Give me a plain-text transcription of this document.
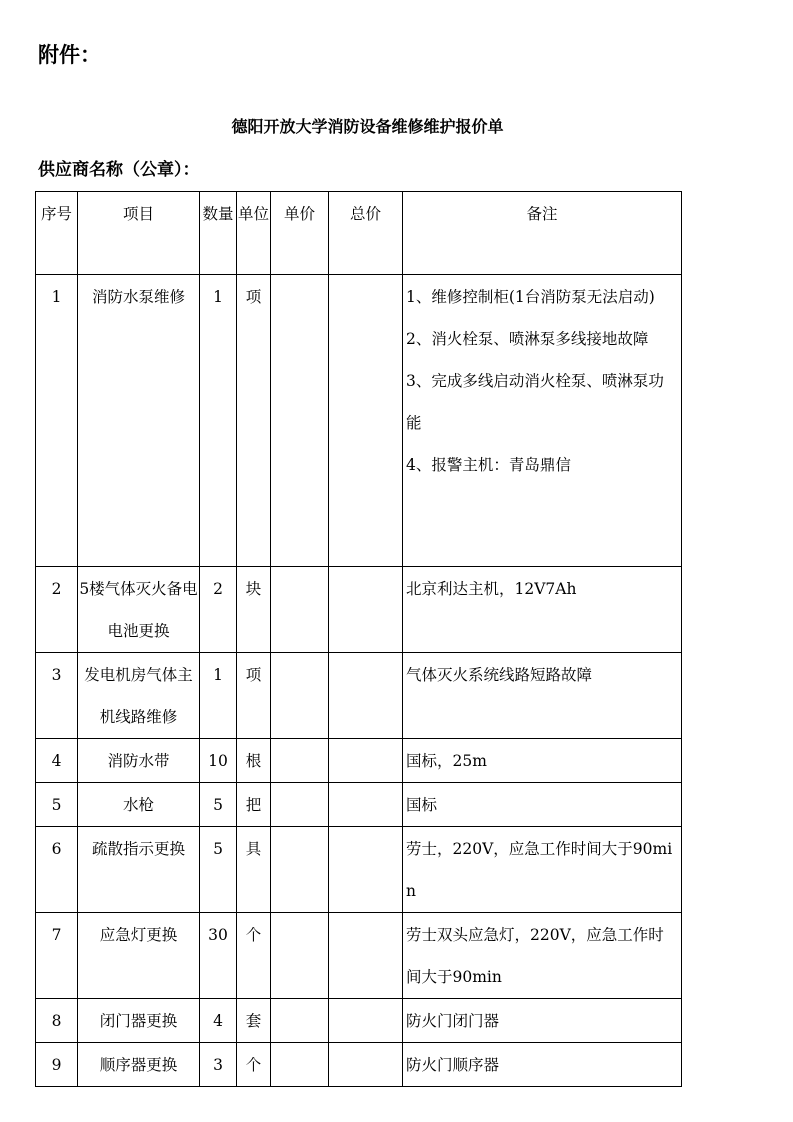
附件：
德阳开放大学消防设备维修维护报价单
供应商名称（公章）：
序号	项目	数量	单位	单价	总价	备注

1	消防水泵维修	1	项			1、维修控制柜(1台消防泵无法启动)
2、消火栓泵、喷淋泵多线接地故障
3、完成多线启动消火栓泵、喷淋泵功能
4、报警主机：青岛鼎信

2	5楼气体灭火备电电池更换	2	块			北京利达主机，12V7Ah

3	发电机房气体主机线路维修	1	项			气体灭火系统线路短路故障

4	消防水带	10	根			国标，25m

5	水枪	5	把			国标

6	疏散指示更换	5	具			劳士，220V，应急工作时间大于90min

7	应急灯更换	30	个			劳士双头应急灯，220V，应急工作时间大于90min

8	闭门器更换	4	套			防火门闭门器

9	顺序器更换	3	个			防火门顺序器
